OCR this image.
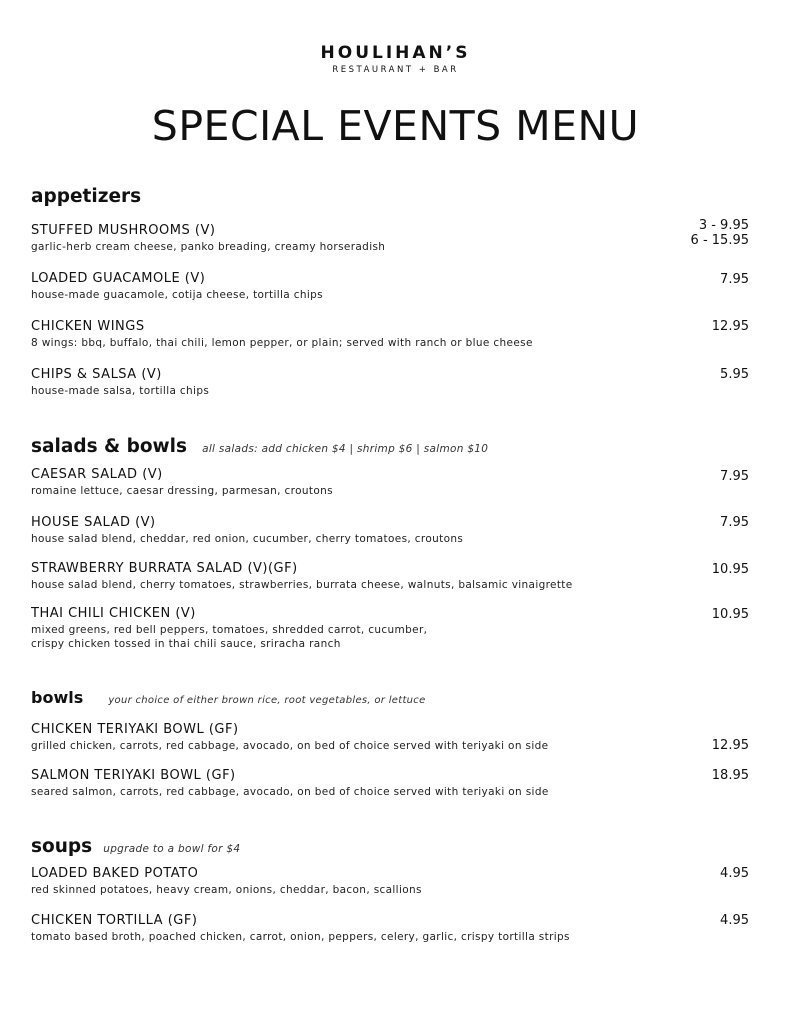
HOULIHAN’S
RESTAURANT + BAR
SPECIAL EVENTS MENU
appetizers
STUFFED MUSHROOMS (V)
garlic-herb cream cheese, panko breading, creamy horseradish
3 - 9.95
6 - 15.95
LOADED GUACAMOLE (V)
house-made guacamole, cotija cheese, tortilla chips
7.95
CHICKEN WINGS
8 wings: bbq, buffalo, thai chili, lemon pepper, or plain; served with ranch or blue cheese
12.95
CHIPS & SALSA (V)
house-made salsa, tortilla chips
5.95
salads & bowls all salads: add chicken $4 | shrimp $6 | salmon $10
CAESAR SALAD (V)
romaine lettuce, caesar dressing, parmesan, croutons
7.95
HOUSE SALAD (V)
house salad blend, cheddar, red onion, cucumber, cherry tomatoes, croutons
7.95
STRAWBERRY BURRATA SALAD (V)(GF)
house salad blend, cherry tomatoes, strawberries, burrata cheese, walnuts, balsamic vinaigrette
10.95
THAI CHILI CHICKEN (V)
mixed greens, red bell peppers, tomatoes, shredded carrot, cucumber,
crispy chicken tossed in thai chili sauce, sriracha ranch
10.95
bowls	your choice of either brown rice, root vegetables, or lettuce
CHICKEN TERIYAKI BOWL (GF)
grilled chicken, carrots, red cabbage, avocado, on bed of choice served with teriyaki on side	12.95
SALMON TERIYAKI BOWL (GF)
seared salmon, carrots, red cabbage, avocado, on bed of choice served with teriyaki on side
18.95
soups upgrade to a bowl for $4
LOADED BAKED POTATO
red skinned potatoes, heavy cream, onions, cheddar, bacon, scallions
4.95
CHICKEN TORTILLA (GF)
tomato based broth, poached chicken, carrot, onion, peppers, celery, garlic, crispy tortilla strips
4.95
